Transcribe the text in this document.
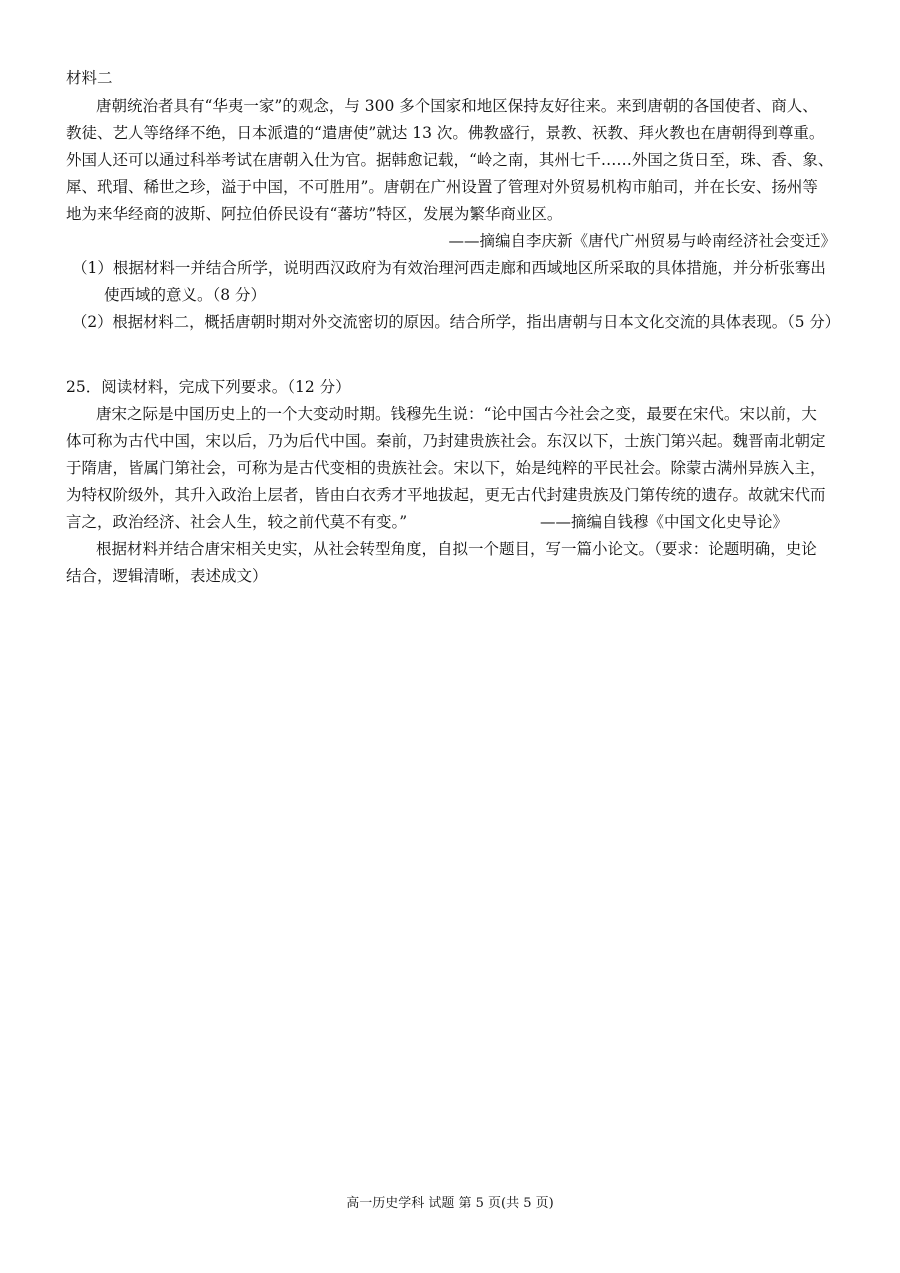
材料二
唐朝统治者具有“华夷一家”的观念，与 300 多个国家和地区保持友好往来。来到唐朝的各国使者、商人、
教徒、艺人等络绎不绝，日本派遣的“遣唐使”就达 13 次。佛教盛行，景教、祆教、拜火教也在唐朝得到尊重。
外国人还可以通过科举考试在唐朝入仕为官。据韩愈记载，“岭之南，其州七千……外国之货日至，珠、香、象、
犀、玳瑁、稀世之珍，溢于中国，不可胜用”。唐朝在广州设置了管理对外贸易机构市舶司，并在长安、扬州等
地为来华经商的波斯、阿拉伯侨民设有“蕃坊”特区，发展为繁华商业区。
——摘编自李庆新《唐代广州贸易与岭南经济社会变迁》
（1）根据材料一并结合所学，说明西汉政府为有效治理河西走廊和西域地区所采取的具体措施，并分析张骞出
使西域的意义。（8 分）
（2）根据材料二，概括唐朝时期对外交流密切的原因。结合所学，指出唐朝与日本文化交流的具体表现。（5 分）
25．阅读材料，完成下列要求。（12 分）
唐宋之际是中国历史上的一个大变动时期。钱穆先生说：“论中国古今社会之变，最要在宋代。宋以前，大
体可称为古代中国，宋以后，乃为后代中国。秦前，乃封建贵族社会。东汉以下，士族门第兴起。魏晋南北朝定
于隋唐，皆属门第社会，可称为是古代变相的贵族社会。宋以下，始是纯粹的平民社会。除蒙古满州异族入主，
为特权阶级外，其升入政治上层者，皆由白衣秀才平地拔起，更无古代封建贵族及门第传统的遗存。故就宋代而
言之，政治经济、社会人生，较之前代莫不有变。”	——摘编自钱穆《中国文化史导论》
根据材料并结合唐宋相关史实，从社会转型角度，自拟一个题目，写一篇小论文。（要求：论题明确，史论
结合，逻辑清晰，表述成文）
高一历史学科 试题 第 5 页(共 5 页)
